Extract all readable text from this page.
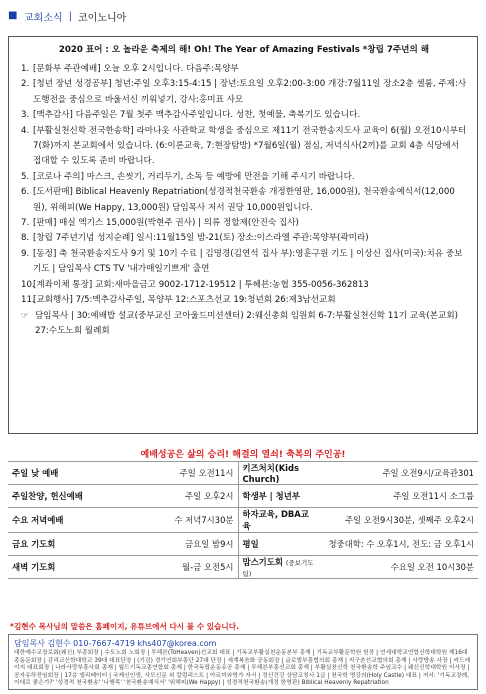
■ 교회소식 | 코이노니아
2020 표어 : 오 놀라운 축제의 해! Oh! The Year of Amazing Festivals *창립 7주년의 해
1. [문화부 주관예배] 오늘 오후 2시입니다. 다음주:목양부
2. [청년 장년 성경공부] 청년:주일 오후3:15-4:15 | 장년:토요일 오후2:00-3:00 개강:7월11일 장소2층 셀룸, 주제:사도행전을 중심으로 바울서신 끼워넣기, 강사:홍미표 사모
3. [맥추감사] 다음주일은 7월 첫주 맥추감사주일입니다. 성찬, 첫예물, 축복기도 있습니다.
4. [부활실천신학 전국한송학] 라마나옷 사관학교 학생을 중심으로 제11기 전국한송지도사 교육이 6(월) 오전10시부터 7(화)까지 본교회에서 있습니다. (6:이론교육, 7:현장탐방) *7월6일(월) 점심, 저녁식사(2끼)를 교회 4층 식당에서 접대할 수 있도록 준비 바랍니다.
5. [코로나 주의] 마스크, 손씻기, 거리두기, 소독 등 예방에 만전을 기해 주시기 바랍니다.
6. [도서판매] Biblical Heavenly Repatriation(성경적천국환송 개정한영판, 16,000원), 천국환송예식서(12,000원), 위해피(We Happy, 13,000원) 담임목사 저서 권당 10,000원입니다.
7. [판매] 매실 엑기스 15,000원(박현주 권사) | 의류 정할제(안진숙 집사)
8. [창립 7주년기념 성지순례] 일시:11월15일 밤-21(토) 장소:이스라엘 주관:목양부(곽미라)
9. [동정] 축 천국환송지도사 9기 및 10기 수료 | 김명경(김연석 집사 부):영훈구원 기도 | 이상신 집사(미국):치유 중보기도 | 담임목사 CTS TV '내가매일기쁘게' 출연
10.
[계좌이체 통장] 교회:새마을금고 9002-1712-19512 | 투헤븐:농협 355-0056-362813
11.
[교회행사] 7/5:맥추감사주일, 목양부 12:스포츠선교 19:청년회 26:제3남선교회
☞ 담임목사 | 30:예배밥 설교(중부교신 코아울드미션센터) 2:웨신총회 임원회 6-7:부활실천신학 11기 교육(본교회) 27:수도노회 월례회
예배성공은 삶의 승리! 해결의 열쇠! 축복의 주인공!
주일 낮 예배	주일 오전11시	키즈처치(Kids Church)	주일 오전9시/교육관301
주일찬양, 헌신예배	주일 오후2시	학생부 | 청년부	주일 오전11시 소그룹
수요 저녁예배	수 저녁7시30분	하자교육, DBA교육	주일 오전9시30분, 셋째주 오후2시
금요 기도회	금요일 밤9시	평일	청중대학: 수 오후1시, 전도: 금 오후1시
새벽 기도회	월-금 오전5시	맘스기도회 (중보기도팀)	수요일 오전 10시30분
*김현수 목사님의 말씀은 홈페이지, 유튜브에서 다시 볼 수 있습니다.
담임목사 김현수 010-7667-4719 khs407@korea.com
대한예수교장로회(웨신) 부총회장 | 수도노회 노회장 | 투헤븐(ToHeaven)선교회 대표 | 기독교부활실천운동본부 총재 | 기독교부활문학원 원장 | 연세대학교연합신학대학원 제16대 총동문회장 | 감리교신학대학교 39대 대표단장 | (기감) 경기연회부흥단 27대 단장 | 세계복음화 공동회장 | 글로벌부흥협의회 총재 | 지구촌선교협의회 총재 | 사랑방송 사장 | 씨드에이지 대표회장 | 나라사랑부흥사회 총재 | 월드기독교총연합회 총재 | 한국독립운동유공 총재 | 투헤븐부흥선교회 총재 | 부활실천신학 천국환송학 주임교수 | 웨신신학대학원 이사장 | 공자유하전임회장 | 17층 엘리베이터 | 국제신인생, 사모신문 외 칼럼리스트 | 아르미와영가 자서 | 정신건강 상담코칭사 1급 | 천국학 명강의(Holy Castle) 대표 | 저서: '기독교장례, 이대로 좋은가?' '성경적 천국환송' '나행목' '천국환송예식서' '위해피(We Happy) | 성경적천국환송(개정 한영판) Biblical Heavenly Repatriation
